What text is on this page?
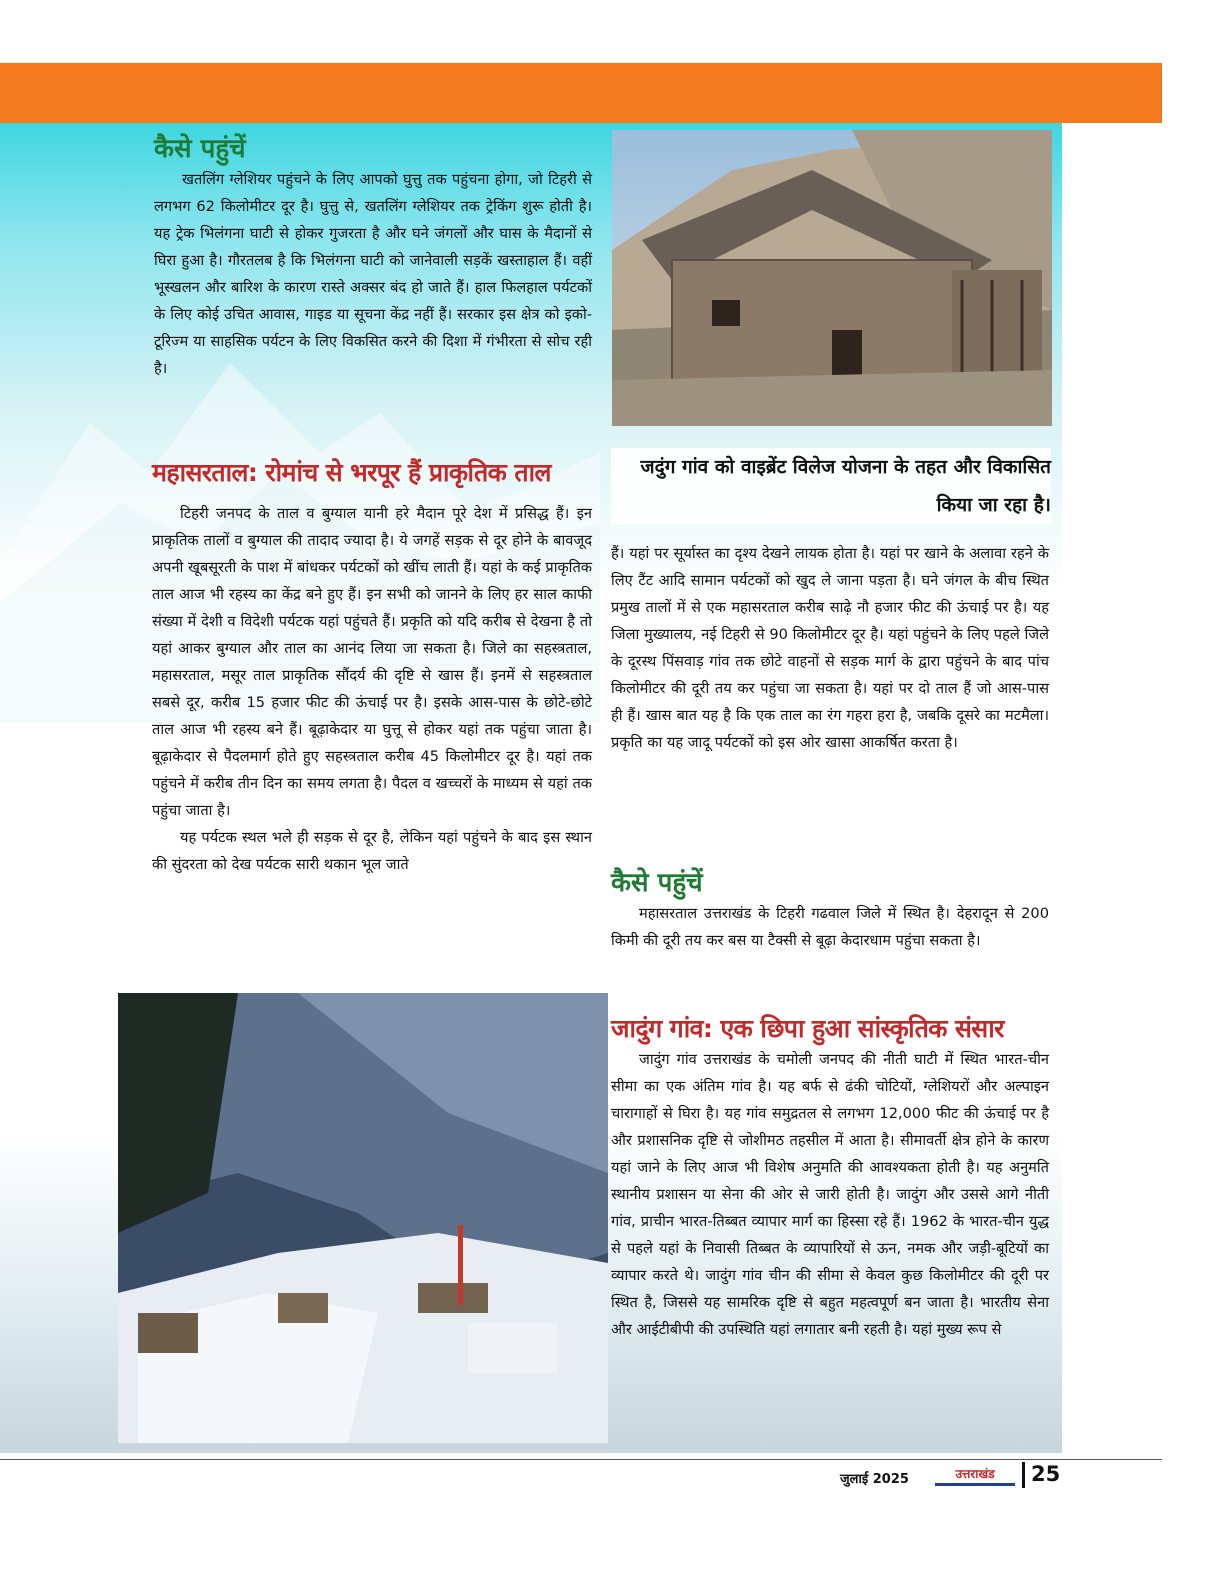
कैसे पहुंचें

खतलिंग ग्लेशियर पहुंचने के लिए आपको घुत्तु तक पहुंचना होगा, जो टिहरी से लगभग 62 किलोमीटर दूर है। घुत्तु से, खतलिंग ग्लेशियर तक ट्रेकिंग शुरू होती है। यह ट्रेक भिलंगना घाटी से होकर गुजरता है और घने जंगलों और घास के मैदानों से घिरा हुआ है। गौरतलब है कि भिलंगना घाटी को जानेवाली सड़कें खस्ताहाल हैं। वहीं भूस्खलन और बारिश के कारण रास्ते अक्सर बंद हो जाते हैं। हाल फिलहाल पर्यटकों के लिए कोई उचित आवास, गाइड या सूचना केंद्र नहीं हैं। सरकार इस क्षेत्र को इको-टूरिज्म या साहसिक पर्यटन के लिए विकसित करने की दिशा में गंभीरता से सोच रही है।

महासरताल: रोमांच से भरपूर हैं प्राकृतिक ताल

टिहरी जनपद के ताल व बुग्याल यानी हरे मैदान पूरे देश में प्रसिद्ध हैं। इन प्राकृतिक तालों व बुग्याल की तादाद ज्यादा है। ये जगहें सड़क से दूर होने के बावजूद अपनी खूबसूरती के पाश में बांधकर पर्यटकों को खींच लाती हैं। यहां के कई प्राकृतिक ताल आज भी रहस्य का केंद्र बने हुए हैं। इन सभी को जानने के लिए हर साल काफी संख्या में देशी व विदेशी पर्यटक यहां पहुंचते हैं। प्रकृति को यदि करीब से देखना है तो यहां आकर बुग्याल और ताल का आनंद लिया जा सकता है। जिले का सहस्त्रताल, महासरताल, मसूर ताल प्राकृतिक सौंदर्य की दृष्टि से खास हैं। इनमें से सहस्त्रताल सबसे दूर, करीब 15 हजार फीट की ऊंचाई पर है। इसके आस-पास के छोटे-छोटे ताल आज भी रहस्य बने हैं। बूढ़ाकेदार या घुत्तू से होकर यहां तक पहुंचा जाता है। बूढ़ाकेदार से पैदलमार्ग होते हुए सहस्त्रताल करीब 45 किलोमीटर दूर है। यहां तक पहुंचने में करीब तीन दिन का समय लगता है। पैदल व खच्चरों के माध्यम से यहां तक पहुंचा जाता है।

यह पर्यटक स्थल भले ही सड़क से दूर है, लेकिन यहां पहुंचने के बाद इस स्थान की सुंदरता को देख पर्यटक सारी थकान भूल जाते

जदुंग गांव को वाइब्रेंट विलेज योजना के तहत और विकासित किया जा रहा है।

हैं। यहां पर सूर्यास्त का दृश्य देखने लायक होता है। यहां पर खाने के अलावा रहने के लिए टैंट आदि सामान पर्यटकों को खुद ले जाना पड़ता है। घने जंगल के बीच स्थित प्रमुख तालों में से एक महासरताल करीब साढ़े नौ हजार फीट की ऊंचाई पर है। यह जिला मुख्यालय, नई टिहरी से 90 किलोमीटर दूर है। यहां पहुंचने के लिए पहले जिले के दूरस्थ पिंसवाड़ गांव तक छोटे वाहनों से सड़क मार्ग के द्वारा पहुंचने के बाद पांच किलोमीटर की दूरी तय कर पहुंचा जा सकता है। यहां पर दो ताल हैं जो आस-पास ही हैं। खास बात यह है कि एक ताल का रंग गहरा हरा है, जबकि दूसरे का मटमैला। प्रकृति का यह जादू पर्यटकों को इस ओर खासा आकर्षित करता है।

कैसे पहुंचें

महासरताल उत्तराखंड के टिहरी गढवाल जिले में स्थित है। देहरादून से 200 किमी की दूरी तय कर बस या टैक्सी से बूढ़ा केदारधाम पहुंचा सकता है।

जादुंग गांव: एक छिपा हुआ सांस्कृतिक संसार

जादुंग गांव उत्तराखंड के चमोली जनपद की नीती घाटी में स्थित भारत-चीन सीमा का एक अंतिम गांव है। यह बर्फ से ढंकी चोटियों, ग्लेशियरों और अल्पाइन चारागाहों से घिरा है। यह गांव समुद्रतल से लगभग 12,000 फीट की ऊंचाई पर है और प्रशासनिक दृष्टि से जोशीमठ तहसील में आता है। सीमावर्ती क्षेत्र होने के कारण यहां जाने के लिए आज भी विशेष अनुमति की आवश्यकता होती है। यह अनुमति स्थानीय प्रशासन या सेना की ओर से जारी होती है। जादुंग और उससे आगे नीती गांव, प्राचीन भारत-तिब्बत व्यापार मार्ग का हिस्सा रहे हैं। 1962 के भारत-चीन युद्ध से पहले यहां के निवासी तिब्बत के व्यापारियों से ऊन, नमक और जड़ी-बूटियों का व्यापार करते थे। जादुंग गांव चीन की सीमा से केवल कुछ किलोमीटर की दूरी पर स्थित है, जिससे यह सामरिक दृष्टि से बहुत महत्वपूर्ण बन जाता है। भारतीय सेना और आईटीबीपी की उपस्थिति यहां लगातार बनी रहती है। यहां मुख्य रूप से

जुलाई 2025	उत्तराखंड	25
